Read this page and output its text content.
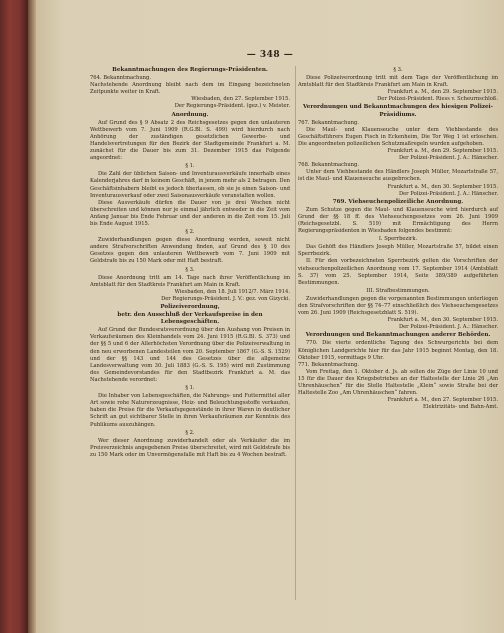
— 348 —

Bekanntmachungen des Regierungs-Präsidenten.

764. Bekanntmachung.

Nachstehende Anordnung bleibt nach dem im Eingang bezeichneten Zeitpunkte weiter in Kraft.

Wiesbaden, den 27. September 1915.

Der Regierungs-Präsident. (gez.) v. Meister.

Anordnung.

Auf Grund des § 9 Absatz 2 des Reichsgesetzes gegen den unlauteren Wettbewerb vom 7. Juni 1909 (R.G.Bl. S. 499) wird hierdurch nach Anhörung der zuständigen gesetzlichen Gewerbe- und Handelsvertretungen für den Bezirk der Stadtgemeinde Frankfurt a. M. zunächst für die Dauer bis zum 31. Dezember 1915 das Folgende angeordnet:

§ 1.

Die Zahl der üblichen Saison- und Inventurausverkäufe innerhalb eines Kalenderjahres darf in keinem Geschäft, in jenem mehr als 2 betragen. Den Geschäftsinhabern bleibt es jedoch überlassen, ob sie je einen Saison- und Inventurausverkauf oder zwei Saisonausverkäufe veranstalten wollen.

Diese Ausverkäufe dürfen die Dauer von je drei Wochen nicht überschreiten und können nur je einmal jährlich entweder in die Zeit vom Anfang Januar bis Ende Februar und der anderen in die Zeit vom 15. Juli bis Ende August 1915.

§ 2.

Zuwiderhandlungen gegen diese Anordnung werden, soweit nicht andere Strafvorschriften Anwendung finden, auf Grund des § 10 des Gesetzes gegen den unlauteren Wettbewerb vom 7. Juni 1909 mit Geldstrafe bis zu 150 Mark oder mit Haft bestraft.

§ 3.

Diese Anordnung tritt am 14. Tage nach ihrer Veröffentlichung im Amtsblatt für den Stadtkreis Frankfurt am Main in Kraft.

Wiesbaden, den 18. Juli 1912/7. März 1914.

Der Regierungs-Präsident. J. V.: gez. von Gizycki.

Polizeiverordnung,

betr. den Ausschluß der Verkaufspreise in den Lebensgeschäften.

Auf Grund der Bundesratsverordnung über den Aushang von Preisen in Verkaufsräumen des Kleinhandels vom 24. Juni 1915 (R.G.Bl. S. 373) und der §§ 5 und 6 der Allerhöchsten Verordnung über die Polizeiverwaltung in den neu erworbenen Landesteilen vom 20. September 1867 (G.-S. S. 1529) und der §§ 143 und 144 des Gesetzes über die allgemeine Landesverwaltung vom 30. Juli 1883 (G.-S. S. 195) wird mit Zustimmung des Gemeindevorstandes für den Stadtbezirk Frankfurt a. M. das Nachstehende verordnet:

§ 1.

Die Inhaber von Lebensgeschäften, die Nahrungs- und Futtermittel aller Art sowie rohe Naturerzeugnisse, Heiz- und Beleuchtungsstoffe verkaufen, haben die Preise für die Verkaufsgegenstände in ihrer Waren in deutlicher Schrift an gut sichtbarer Stelle in ihren Verkaufsräumen zur Kenntnis des Publikums auszuhängen.

§ 2.

Wer dieser Anordnung zuwiderhandelt oder als Verkäufer die im Preisverzeichnis angegebenen Preise überschreitet, wird mit Geldstrafe bis zu 150 Mark oder im Unvermögensfalle mit Haft bis zu 4 Wochen bestraft.

§ 3.

Diese Polizeiverordnung tritt mit dem Tage der Veröffentlichung im Amtsblatt für den Stadtkreis Frankfurt am Main in Kraft.

Frankfurt a. M., den 29. September 1915.

Der Polizei-Präsident. Riess v. Scheurnschloß.

Verordnungen und Bekanntmachungen des hiesigen Polizei-Präsidiums.

767. Bekanntmachung.

Die Maul- und Klauenseuche unter dem Viehbestande des Geschäftsführers Eugen Fisch in Eckenheim, Die Tor Weg 1 ist erloschen. Die angeordneten polizeilichen Schutzmaßregeln wurden aufgehoben.

Frankfurt a. M., den 29. September 1915.

Der Polizei-Präsident. J. A.: Hänscher.

768. Bekanntmachung.

Unter dem Viehbestande des Händlers Joseph Müller, Mozartstraße 57, ist die Maul- und Klauenseuche ausgebrochen.

Frankfurt a. M., den 30. September 1915.

Der Polizei-Präsident. J. A.: Hänscher.

769. Viehseuchenpolizeiliche Anordnung.

Zum Schutze gegen die Maul- und Klauenseuche wird hierdurch auf Grund der §§ 18 ff. des Viehseuchengesetzes vom 26. Juni 1909 (Reichsgesetzbl. S. 519) mit Ermächtigung des Herrn Regierungspräsidenten in Wiesbaden folgendes bestimmt:

I. Sperrbezirk.

Das Gehöft des Händlers Joseph Müller, Mozartstraße 57, bildet einen Sperrbezirk.

II. Für den vorbezeichneten Sperrbezirk gelten die Vorschriften der viehseuchenpolizeilichen Anordnung vom 17. September 1914 (Amtsblatt S. 37) vom 25. September 1914, Seite 389/389 aufgeführten Bestimmungen.

III. Strafbestimmungen.

Zuwiderhandlungen gegen die vorgenannten Bestimmungen unterliegen den Strafvorschriften der §§ 74–77 einschließlich des Viehseuchengesetzes vom 26. Juni 1909 (Reichsgesetzblatt S. 519).

Frankfurt a. M., den 30. September 1915.

Der Polizei-Präsident. J. A.: Hänscher.

Verordnungen und Bekanntmachungen anderer Behörden.

770. Die vierte ordentliche Tagung des Schwurgerichts bei dem Königlichen Landgerichte hier für das Jahr 1915 beginnt Montag, den 18. Oktober 1915, vormittags 9 Uhr.

771. Bekanntmachung.

Vom Freitag, den 1. Oktober d. Js. ab sollen die Züge der Linie 10 und 15 für die Dauer des Kriegsbetriebes an der Haltestelle der Linie 26 „Am Uhrenhäuschen“ für die Stelle Haltestelle „Klein“ sowie Straße bei der Haltestelle Zoo „Am Uhrenhäuschen“ fahren.

Frankfurt a. M., den 27. September 1915.

Elektrizitäts- und Bahn-Amt.
